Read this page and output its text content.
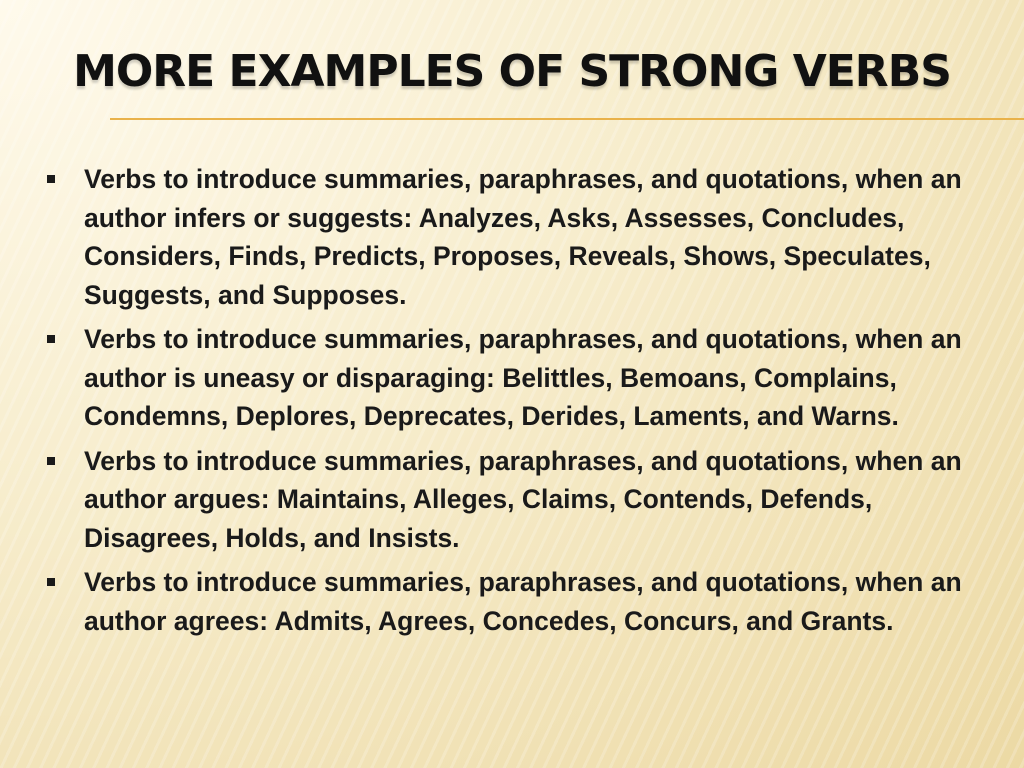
MORE EXAMPLES OF STRONG VERBS
Verbs to introduce summaries, paraphrases, and quotations, when an author infers or suggests: Analyzes, Asks, Assesses, Concludes, Considers, Finds, Predicts, Proposes, Reveals, Shows, Speculates, Suggests, and Supposes.
Verbs to introduce summaries, paraphrases, and quotations, when an author is uneasy or disparaging: Belittles, Bemoans, Complains, Condemns, Deplores, Deprecates, Derides, Laments, and Warns.
Verbs to introduce summaries, paraphrases, and quotations, when an author argues: Maintains, Alleges, Claims, Contends, Defends, Disagrees, Holds, and Insists.
Verbs to introduce summaries, paraphrases, and quotations, when an author agrees: Admits, Agrees, Concedes, Concurs, and Grants.
